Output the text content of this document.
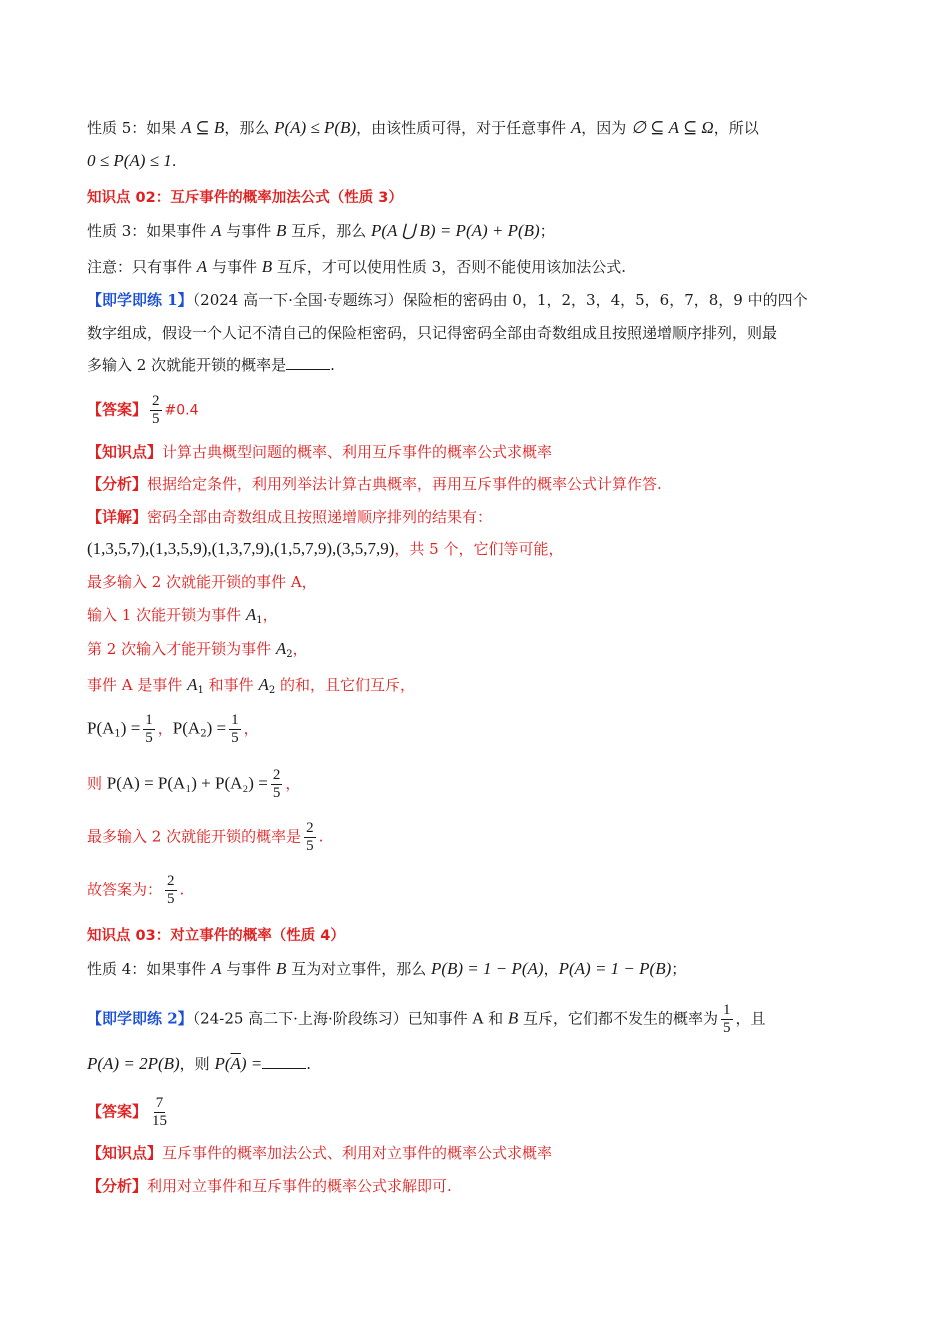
性质 5：如果 A ⊆ B，那么 P(A) ≤ P(B)，由该性质可得，对于任意事件 A，因为 ∅ ⊆ A ⊆ Ω，所以
0 ≤ P(A) ≤ 1.
知识点 02：互斥事件的概率加法公式（性质 3）
性质 3：如果事件 A 与事件 B 互斥，那么 P(A ⋃ B) = P(A) + P(B)；
注意：只有事件 A 与事件 B 互斥，才可以使用性质 3，否则不能使用该加法公式.
【即学即练 1】（2024 高一下·全国·专题练习）保险柜的密码由 0，1，2，3，4，5，6，7，8，9 中的四个
数字组成，假设一个人记不清自己的保险柜密码，只记得密码全部由奇数组成且按照递增顺序排列，则最
多输入 2 次就能开锁的概率是	.
【答案】 $\frac{2}{5}$ #0.4
【知识点】计算古典概型问题的概率、利用互斥事件的概率公式求概率
【分析】根据给定条件，利用列举法计算古典概率，再用互斥事件的概率公式计算作答.
【详解】密码全部由奇数组成且按照递增顺序排列的结果有：
(1,3,5,7),(1,3,5,9),(1,3,7,9),(1,5,7,9),(3,5,7,9)，共 5 个，它们等可能，
最多输入 2 次就能开锁的事件 A，
输入 1 次能开锁为事件 $A_1$，
第 2 次输入才能开锁为事件 $A_2$，
事件 A 是事件 $A_1$ 和事件 $A_2$ 的和，且它们互斥，
$P(A_1) = \frac{1}{5}$ ，$P(A_2) = \frac{1}{5}$ ，
则 $P(A) = P(A_1) + P(A_2) = \frac{2}{5}$ ，
最多输入 2 次就能开锁的概率是 $\frac{2}{5}$ .
故答案为： $\frac{2}{5}$ .
知识点 03：对立事件的概率（性质 4）
性质 4：如果事件 A 与事件 B 互为对立事件，那么 P(B) = 1 − P(A)，P(A) = 1 − P(B)；
【即学即练 2】（24-25 高二下·上海·阶段练习）已知事件 A 和 B 互斥，它们都不发生的概率为 $\frac{1}{5}$ ，且
P(A) = 2P(B)，则 $P(\overline{A})$ =	.
【答案】 $\frac{7}{15}$
【知识点】互斥事件的概率加法公式、利用对立事件的概率公式求概率
【分析】利用对立事件和互斥事件的概率公式求解即可.
